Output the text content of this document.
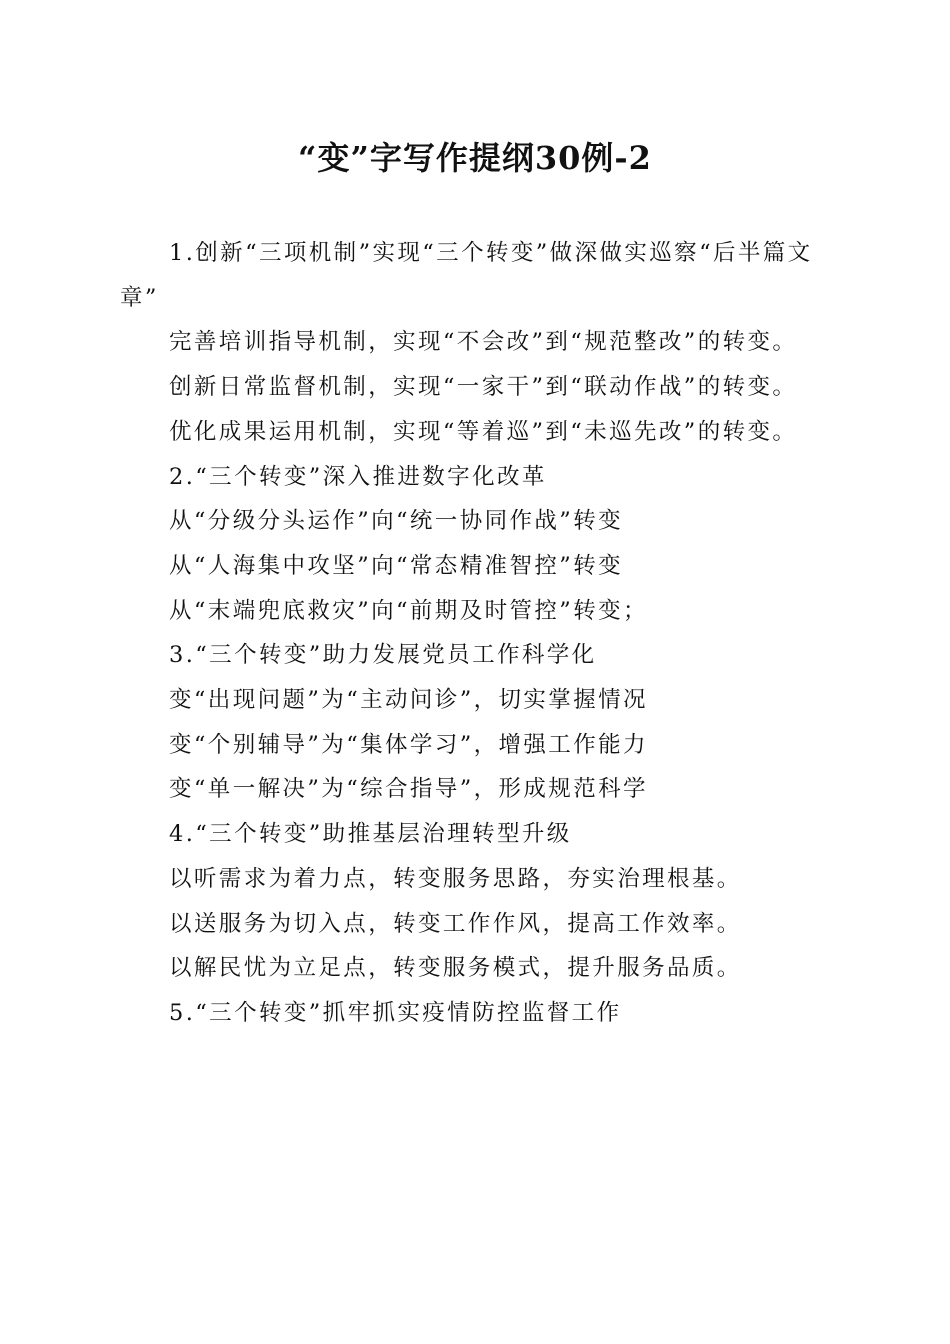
“变”字写作提纲30例-2

1.创新“三项机制”实现“三个转变”做深做实巡察“后半篇文章”

完善培训指导机制，实现“不会改”到“规范整改”的转变。

创新日常监督机制，实现“一家干”到“联动作战”的转变。

优化成果运用机制，实现“等着巡”到“未巡先改”的转变。

2.“三个转变”深入推进数字化改革

从“分级分头运作”向“统一协同作战”转变

从“人海集中攻坚”向“常态精准智控”转变

从“末端兜底救灾”向“前期及时管控”转变；

3.“三个转变”助力发展党员工作科学化

变“出现问题”为“主动问诊”，切实掌握情况

变“个别辅导”为“集体学习”，增强工作能力

变“单一解决”为“综合指导”，形成规范科学

4.“三个转变”助推基层治理转型升级

以听需求为着力点，转变服务思路，夯实治理根基。

以送服务为切入点，转变工作作风，提高工作效率。

以解民忧为立足点，转变服务模式，提升服务品质。

5.“三个转变”抓牢抓实疫情防控监督工作
